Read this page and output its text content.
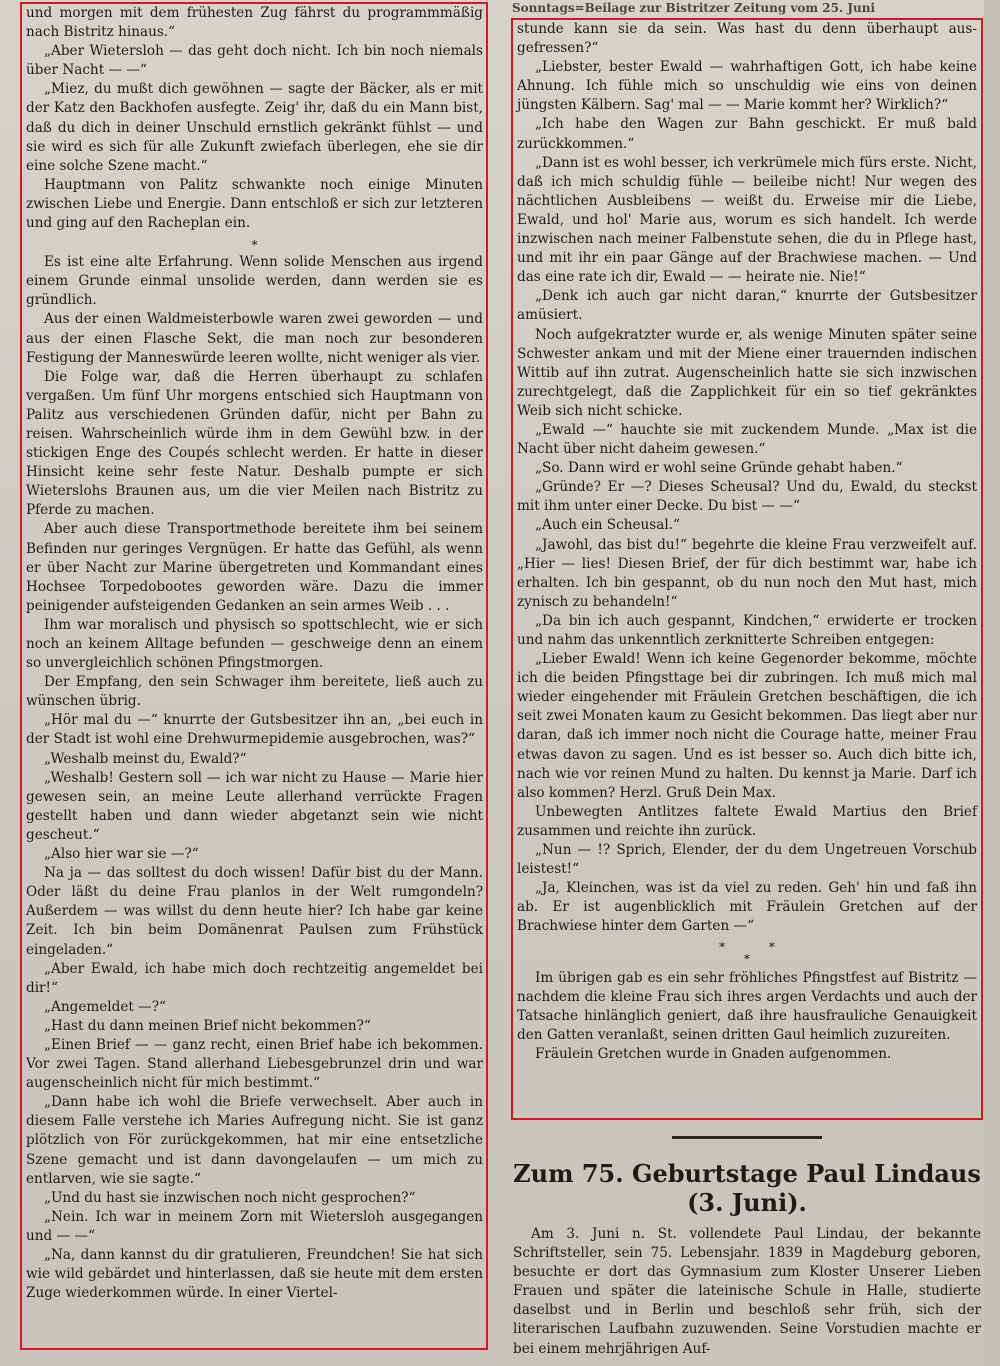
Sonntags=Beilage zur Bistritzer Zeitung vom 25. Juni

und morgen mit dem frühesten Zug fährst du programmmäßig nach Bistritz hinaus.“

„Aber Wietersloh — das geht doch nicht. Ich bin noch niemals über Nacht — —“

„Miez, du mußt dich gewöhnen — sagte der Bäcker, als er mit der Katz den Backhofen ausfegte. Zeig' ihr, daß du ein Mann bist, daß du dich in deiner Unschuld ernstlich gekränkt fühlst — und sie wird es sich für alle Zukunft zwiefach überlegen, ehe sie dir eine solche Szene macht.“

Hauptmann von Palitz schwankte noch einige Minuten zwischen Liebe und Energie. Dann entschloß er sich zur letzteren und ging auf den Racheplan ein.

*

Es ist eine alte Erfahrung. Wenn solide Menschen aus irgend einem Grunde einmal unsolide werden, dann werden sie es gründlich.

Aus der einen Waldmeisterbowle waren zwei geworden — und aus der einen Flasche Sekt, die man noch zur besonderen Festigung der Manneswürde leeren wollte, nicht weniger als vier.

Die Folge war, daß die Herren überhaupt zu schlafen vergaßen. Um fünf Uhr morgens entschied sich Hauptmann von Palitz aus verschiedenen Gründen dafür, nicht per Bahn zu reisen. Wahrscheinlich würde ihm in dem Gewühl bzw. in der stickigen Enge des Coupés schlecht werden. Er hatte in dieser Hinsicht keine sehr feste Natur. Deshalb pumpte er sich Wieterslohs Braunen aus, um die vier Meilen nach Bistritz zu Pferde zu machen.

Aber auch diese Transportmethode bereitete ihm bei seinem Befinden nur geringes Vergnügen. Er hatte das Gefühl, als wenn er über Nacht zur Marine übergetreten und Kommandant eines Hochsee Torpedobootes geworden wäre. Dazu die immer peinigender aufsteigenden Gedanken an sein armes Weib . . .

Ihm war moralisch und physisch so spottschlecht, wie er sich noch an keinem Alltage befunden — geschweige denn an einem so unvergleichlich schönen Pfingstmorgen.

Der Empfang, den sein Schwager ihm bereitete, ließ auch zu wünschen übrig.

„Hör mal du —“ knurrte der Gutsbesitzer ihn an, „bei euch in der Stadt ist wohl eine Drehwurmepidemie ausgebrochen, was?“

„Weshalb meinst du, Ewald?“

„Weshalb! Gestern soll — ich war nicht zu Hause — Marie hier gewesen sein, an meine Leute allerhand verrückte Fragen gestellt haben und dann wieder abgetanzt sein wie nicht gescheut.“

„Also hier war sie —?“

Na ja — das solltest du doch wissen! Dafür bist du der Mann. Oder läßt du deine Frau planlos in der Welt rumgondeln? Außerdem — was willst du denn heute hier? Ich habe gar keine Zeit. Ich bin beim Domänenrat Paulsen zum Frühstück eingeladen.“

„Aber Ewald, ich habe mich doch rechtzeitig angemeldet bei dir!“

„Angemeldet —?“

„Hast du dann meinen Brief nicht bekommen?“

„Einen Brief — — ganz recht, einen Brief habe ich bekommen. Vor zwei Tagen. Stand allerhand Liebesgebrunzel drin und war augenscheinlich nicht für mich bestimmt.“

„Dann habe ich wohl die Briefe verwechselt. Aber auch in diesem Falle verstehe ich Maries Aufregung nicht. Sie ist ganz plötzlich von För zurückgekommen, hat mir eine entsetzliche Szene gemacht und ist dann davongelaufen — um mich zu entlarven, wie sie sagte.“

„Und du hast sie inzwischen noch nicht gesprochen?“

„Nein. Ich war in meinem Zorn mit Wietersloh ausgegangen und — —“

„Na, dann kannst du dir gratulieren, Freundchen! Sie hat sich wie wild gebärdet und hinterlassen, daß sie heute mit dem ersten Zuge wiederkommen würde. In einer Viertel-

stunde kann sie da sein. Was hast du denn überhaupt ausgefressen?“

„Liebster, bester Ewald — wahrhaftigen Gott, ich habe keine Ahnung. Ich fühle mich so unschuldig wie eins von deinen jüngsten Kälbern. Sag' mal — — Marie kommt her? Wirklich?“

„Ich habe den Wagen zur Bahn geschickt. Er muß bald zurückkommen.“

„Dann ist es wohl besser, ich verkrümele mich fürs erste. Nicht, daß ich mich schuldig fühle — beileibe nicht! Nur wegen des nächtlichen Ausbleibens — weißt du. Erweise mir die Liebe, Ewald, und hol' Marie aus, worum es sich handelt. Ich werde inzwischen nach meiner Falbenstute sehen, die du in Pflege hast, und mit ihr ein paar Gänge auf der Brachwiese machen. — Und das eine rate ich dir, Ewald — — heirate nie. Nie!“

„Denk ich auch gar nicht daran,“ knurrte der Gutsbesitzer amüsiert.

Noch aufgekratzter wurde er, als wenige Minuten später seine Schwester ankam und mit der Miene einer trauernden indischen Wittib auf ihn zutrat. Augenscheinlich hatte sie sich inzwischen zurechtgelegt, daß die Zapplichkeit für ein so tief gekränktes Weib sich nicht schicke.

„Ewald —“ hauchte sie mit zuckendem Munde. „Max ist die Nacht über nicht daheim gewesen.“

„So. Dann wird er wohl seine Gründe gehabt haben.“

„Gründe? Er —? Dieses Scheusal? Und du, Ewald, du steckst mit ihm unter einer Decke. Du bist — —“

„Auch ein Scheusal.“

„Jawohl, das bist du!“ begehrte die kleine Frau verzweifelt auf. „Hier — lies! Diesen Brief, der für dich bestimmt war, habe ich erhalten. Ich bin gespannt, ob du nun noch den Mut hast, mich zynisch zu behandeln!“

„Da bin ich auch gespannt, Kindchen,“ erwiderte er trocken und nahm das unkenntlich zerknitterte Schreiben entgegen:

„Lieber Ewald! Wenn ich keine Gegenorder bekomme, möchte ich die beiden Pfingsttage bei dir zubringen. Ich muß mich mal wieder eingehender mit Fräulein Gretchen beschäftigen, die ich seit zwei Monaten kaum zu Gesicht bekommen. Das liegt aber nur daran, daß ich immer noch nicht die Courage hatte, meiner Frau etwas davon zu sagen. Und es ist besser so. Auch dich bitte ich, nach wie vor reinen Mund zu halten. Du kennst ja Marie. Darf ich also kommen? Herzl. Gruß Dein Max.

Unbewegten Antlitzes faltete Ewald Martius den Brief zusammen und reichte ihn zurück.

„Nun — !? Sprich, Elender, der du dem Ungetreuen Vorschub leistest!“

„Ja, Kleinchen, was ist da viel zu reden. Geh' hin und faß ihn ab. Er ist augenblicklich mit Fräulein Gretchen auf der Brachwiese hinter dem Garten —“

* *
*

Im übrigen gab es ein sehr fröhliches Pfingstfest auf Bistritz — nachdem die kleine Frau sich ihres argen Verdachts und auch der Tatsache hinlänglich geniert, daß ihre hausfrauliche Genauigkeit den Gatten veranlaßt, seinen dritten Gaul heimlich zuzureiten.

Fräulein Gretchen wurde in Gnaden aufgenommen.

Zum 75. Geburtstage Paul Lindaus (3. Juni).

Am 3. Juni n. St. vollendete Paul Lindau, der bekannte Schriftsteller, sein 75. Lebensjahr. 1839 in Magdeburg geboren, besuchte er dort das Gymnasium zum Kloster Unserer Lieben Frauen und später die lateinische Schule in Halle, studierte daselbst und in Berlin und beschloß sehr früh, sich der literarischen Laufbahn zuzuwenden. Seine Vorstudien machte er bei einem mehrjährigen Auf-
